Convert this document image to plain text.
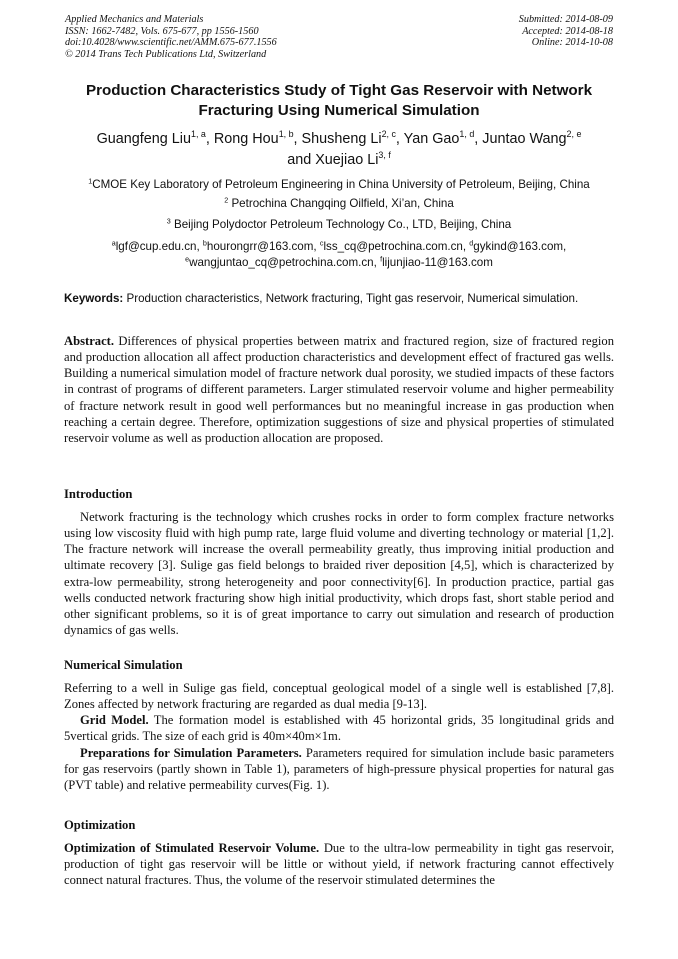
Applied Mechanics and Materials
ISSN: 1662-7482, Vols. 675-677, pp 1556-1560
doi:10.4028/www.scientific.net/AMM.675-677.1556
© 2014 Trans Tech Publications Ltd, Switzerland
Submitted: 2014-08-09
Accepted: 2014-08-18
Online: 2014-10-08
Production Characteristics Study of Tight Gas Reservoir with Network
Fracturing Using Numerical Simulation
Guangfeng Liu$^{1, a}$, Rong Hou$^{1, b}$, Shusheng Li$^{2, c}$, Yan Gao$^{1, d}$, Juntao Wang$^{2, e}$
and Xuejiao Li$^{3, f}$
$^1$CMOE Key Laboratory of Petroleum Engineering in China University of Petroleum, Beijing, China
$^2$ Petrochina Changqing Oilfield, Xi’an, China
$^3$ Beijing Polydoctor Petroleum Technology Co., LTD, Beijing, China
$^a$lgf@cup.edu.cn, $^b$hourongrr@163.com, $^c$lss_cq@petrochina.com.cn, $^d$gykind@163.com,
$^e$wangjuntao_cq@petrochina.com.cn, $^f$lijunjiao-11@163.com
Keywords: Production characteristics, Network fracturing, Tight gas reservoir, Numerical simulation.

Abstract. Differences of physical properties between matrix and fractured region, size of fractured region and production allocation all affect production characteristics and development effect of fractured gas wells. Building a numerical simulation model of fracture network dual porosity, we studied impacts of these factors in contrast of programs of different parameters. Larger stimulated reservoir volume and higher permeability of fracture network result in good well performances but no meaningful increase in gas production when reaching a certain degree. Therefore, optimization suggestions of size and physical properties of stimulated reservoir volume as well as production allocation are proposed.

Introduction

Network fracturing is the technology which crushes rocks in order to form complex fracture networks using low viscosity fluid with high pump rate, large fluid volume and diverting technology or material [1,2]. The fracture network will increase the overall permeability greatly, thus improving initial production and ultimate recovery [3]. Sulige gas field belongs to braided river deposition [4,5], which is characterized by extra-low permeability, strong heterogeneity and poor connectivity[6]. In production practice, partial gas wells conducted network fracturing show high initial productivity, which drops fast, short stable period and other significant problems, so it is of great importance to carry out simulation and research of production dynamics of gas wells.

Numerical Simulation

Referring to a well in Sulige gas field, conceptual geological model of a single well is established [7,8]. Zones affected by network fracturing are regarded as dual media [9-13].

Grid Model. The formation model is established with 45 horizontal grids, 35 longitudinal grids and 5vertical grids. The size of each grid is 40m×40m×1m.

Preparations for Simulation Parameters. Parameters required for simulation include basic parameters for gas reservoirs (partly shown in Table 1), parameters of high-pressure physical properties for natural gas (PVT table) and relative permeability curves(Fig. 1).

Optimization

Optimization of Stimulated Reservoir Volume. Due to the ultra-low permeability in tight gas reservoir, production of tight gas reservoir will be little or without yield, if network fracturing cannot effectively connect natural fractures. Thus, the volume of the reservoir stimulated determines the
